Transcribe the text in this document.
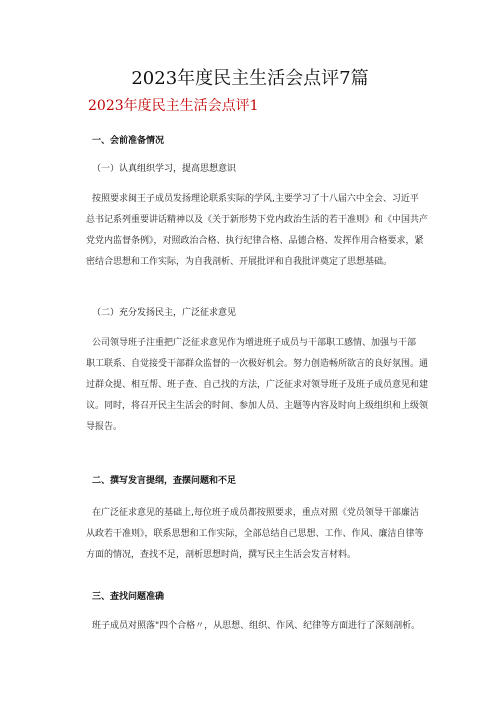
2023年度民主生活会点评7篇
2023年度民主生活会点评1
一、会前准备情况
（一）认真组织学习，提高思想意识
按照要求闽王子成员发扬理论联系实际的学风,主要学习了十八届六中全会、习近平
总书记系列重要讲话精神以及《关于新形势下党内政治生活的若干准则》和《中国共产
党党内监督条例》，对照政治合格、执行纪律合格、品德合格、发挥作用合格要求，紧
密结合思想和工作实际，为自我剖析、开展批评和自我批评奠定了思想基础。
（二）充分发扬民主，广泛征求意见
公司领导班子注重把广泛征求意见作为增进班子成员与干部职工感情、加强与干部
职工联系、自觉接受干部群众监督的一次极好机会。努力创造畅所欲言的良好氛围。通
过群众提、相互帮、班子查、自己找的方法，广泛征求对领导班子及班子成员意见和建
议。同时，将召开民主生活会的时间、参加人员、主题等内容及时向上级组织和上级领
导报告。
二、撰写发言提纲，查摆问题和不足
在广泛征求意见的基础上,每位班子成员都按照要求，重点对照《党员领导干部廉洁
从政若干准则》，联系思想和工作实际，全部总结自己思想、工作、作风、廉洁自律等
方面的情况，查找不足，剖析思想时尚，撰写民主生活会发言材料。
三、查找问题准确
班子成员对照落"四个合格〃，从思想、组织、作风、纪律等方面进行了深刻剖析。
